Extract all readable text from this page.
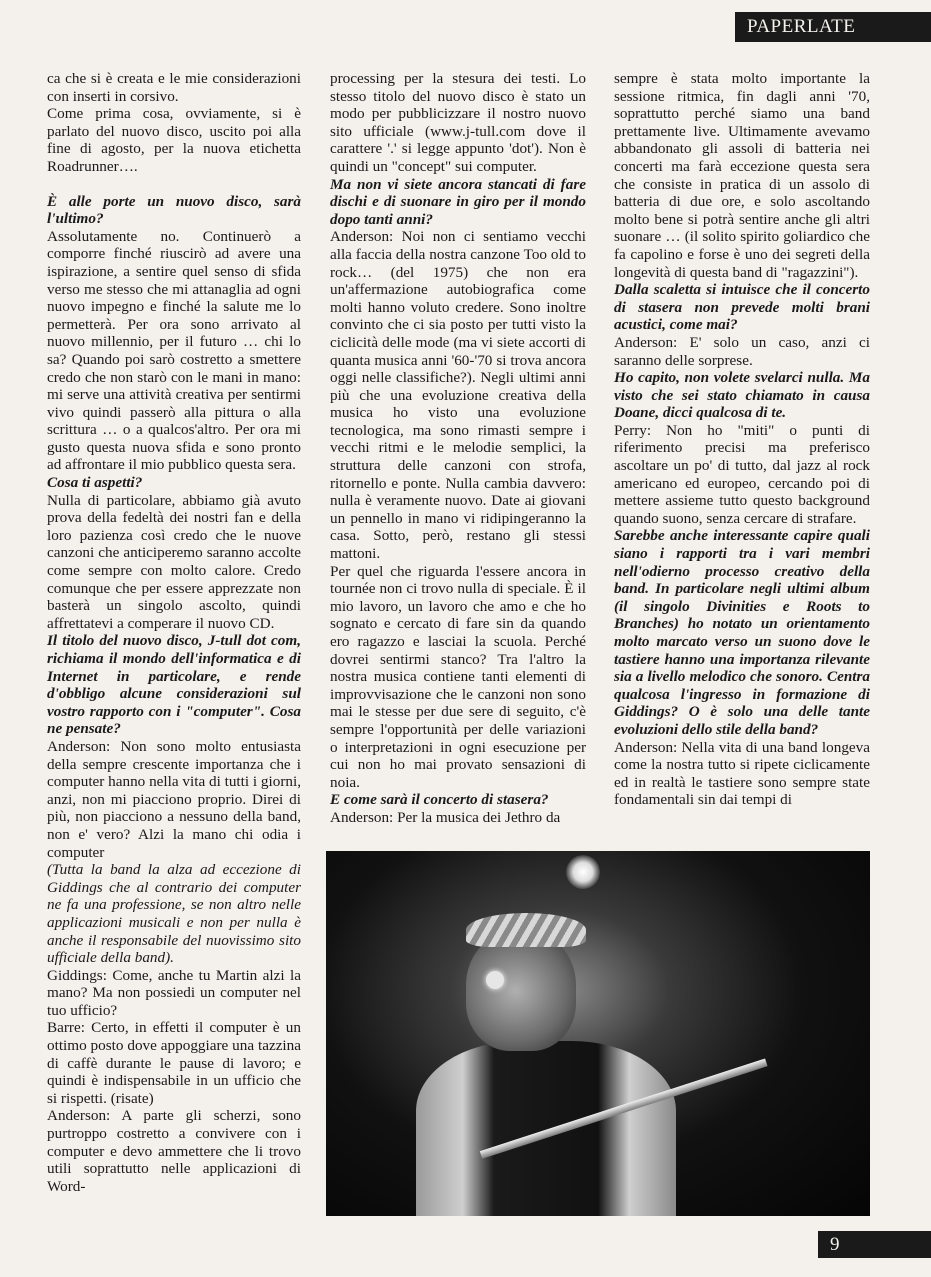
PAPERLATE

ca che si è creata e le mie considerazioni con inserti in corsivo.

Come prima cosa, ovviamente, si è parlato del nuovo disco, uscito poi alla fine di agosto, per la nuova etichetta Roadrunner….

È alle porte un nuovo disco, sarà l'ultimo?

Assolutamente no. Continuerò a comporre finché riuscirò ad avere una ispirazione, a sentire quel senso di sfida verso me stesso che mi attanaglia ad ogni nuovo impegno e finché la salute me lo permetterà. Per ora sono arrivato al nuovo millennio, per il futuro … chi lo sa? Quando poi sarò costretto a smettere credo che non starò con le mani in mano: mi serve una attività creativa per sentirmi vivo quindi passerò alla pittura o alla scrittura … o a qualcos'altro. Per ora mi gusto questa nuova sfida e sono pronto ad affrontare il mio pubblico questa sera.

Cosa ti aspetti?

Nulla di particolare, abbiamo già avuto prova della fedeltà dei nostri fan e della loro pazienza così credo che le nuove canzoni che anticiperemo saranno accolte come sempre con molto calore. Credo comunque che per essere apprezzate non basterà un singolo ascolto, quindi affrettatevi a comperare il nuovo CD.

Il titolo del nuovo disco, J-tull dot com, richiama il mondo dell'informatica e di Internet in particolare, e rende d'obbligo alcune considerazioni sul vostro rapporto con i "computer". Cosa ne pensate?

Anderson: Non sono molto entusiasta della sempre crescente importanza che i computer hanno nella vita di tutti i giorni, anzi, non mi piacciono proprio. Direi di più, non piacciono a nessuno della band, non e' vero? Alzi la mano chi odia i computer

(Tutta la band la alza ad eccezione di Giddings che al contrario dei computer ne fa una professione, se non altro nelle applicazioni musicali e non per nulla è anche il responsabile del nuovissimo sito ufficiale della band).

Giddings: Come, anche tu Martin alzi la mano? Ma non possiedi un computer nel tuo ufficio?

Barre: Certo, in effetti il computer è un ottimo posto dove appoggiare una tazzina di caffè durante le pause di lavoro; e quindi è indispensabile in un ufficio che si rispetti. (risate)

Anderson: A parte gli scherzi, sono purtroppo costretto a convivere con i computer e devo ammettere che li trovo utili soprattutto nelle applicazioni di Word-

processing per la stesura dei testi. Lo stesso titolo del nuovo disco è stato un modo per pubblicizzare il nostro nuovo sito ufficiale (www.j-tull.com dove il carattere '.' si legge appunto 'dot'). Non è quindi un "concept" sui computer.

Ma non vi siete ancora stancati di fare dischi e di suonare in giro per il mondo dopo tanti anni?

Anderson: Noi non ci sentiamo vecchi alla faccia della nostra canzone Too old to rock… (del 1975) che non era un'affermazione autobiografica come molti hanno voluto credere. Sono inoltre convinto che ci sia posto per tutti visto la ciclicità delle mode (ma vi siete accorti di quanta musica anni '60-'70 si trova ancora oggi nelle classifiche?). Negli ultimi anni più che una evoluzione creativa della musica ho visto una evoluzione tecnologica, ma sono rimasti sempre i vecchi ritmi e le melodie semplici, la struttura delle canzoni con strofa, ritornello e ponte. Nulla cambia davvero: nulla è veramente nuovo. Date ai giovani un pennello in mano vi ridipingeranno la casa. Sotto, però, restano gli stessi mattoni.

Per quel che riguarda l'essere ancora in tournée non ci trovo nulla di speciale. È il mio lavoro, un lavoro che amo e che ho sognato e cercato di fare sin da quando ero ragazzo e lasciai la scuola. Perché dovrei sentirmi stanco? Tra l'altro la nostra musica contiene tanti elementi di improvvisazione che le canzoni non sono mai le stesse per due sere di seguito, c'è sempre l'opportunità per delle variazioni o interpretazioni in ogni esecuzione per cui non ho mai provato sensazioni di noia.

E come sarà il concerto di stasera?

Anderson: Per la musica dei Jethro da

sempre è stata molto importante la sessione ritmica, fin dagli anni '70, soprattutto perché siamo una band prettamente live. Ultimamente avevamo abbandonato gli assoli di batteria nei concerti ma farà eccezione questa sera che consiste in pratica di un assolo di batteria di due ore, e solo ascoltando molto bene si potrà sentire anche gli altri suonare … (il solito spirito goliardico che fa capolino e forse è uno dei segreti della longevità di questa band di "ragazzini").

Dalla scaletta si intuisce che il concerto di stasera non prevede molti brani acustici, come mai?

Anderson: E' solo un caso, anzi ci saranno delle sorprese.

Ho capito, non volete svelarci nulla. Ma visto che sei stato chiamato in causa Doane, dicci qualcosa di te.

Perry: Non ho "miti" o punti di riferimento precisi ma preferisco ascoltare un po' di tutto, dal jazz al rock americano ed europeo, cercando poi di mettere assieme tutto questo background quando suono, senza cercare di strafare.

Sarebbe anche interessante capire quali siano i rapporti tra i vari membri nell'odierno processo creativo della band. In particolare negli ultimi album (il singolo Divinities e Roots to Branches) ho notato un orientamento molto marcato verso un suono dove le tastiere hanno una importanza rilevante sia a livello melodico che sonoro. Centra qualcosa l'ingresso in formazione di Giddings? O è solo una delle tante evoluzioni dello stile della band?

Anderson: Nella vita di una band longeva come la nostra tutto si ripete ciclicamente ed in realtà le tastiere sono sempre state fondamentali sin dai tempi di

9
